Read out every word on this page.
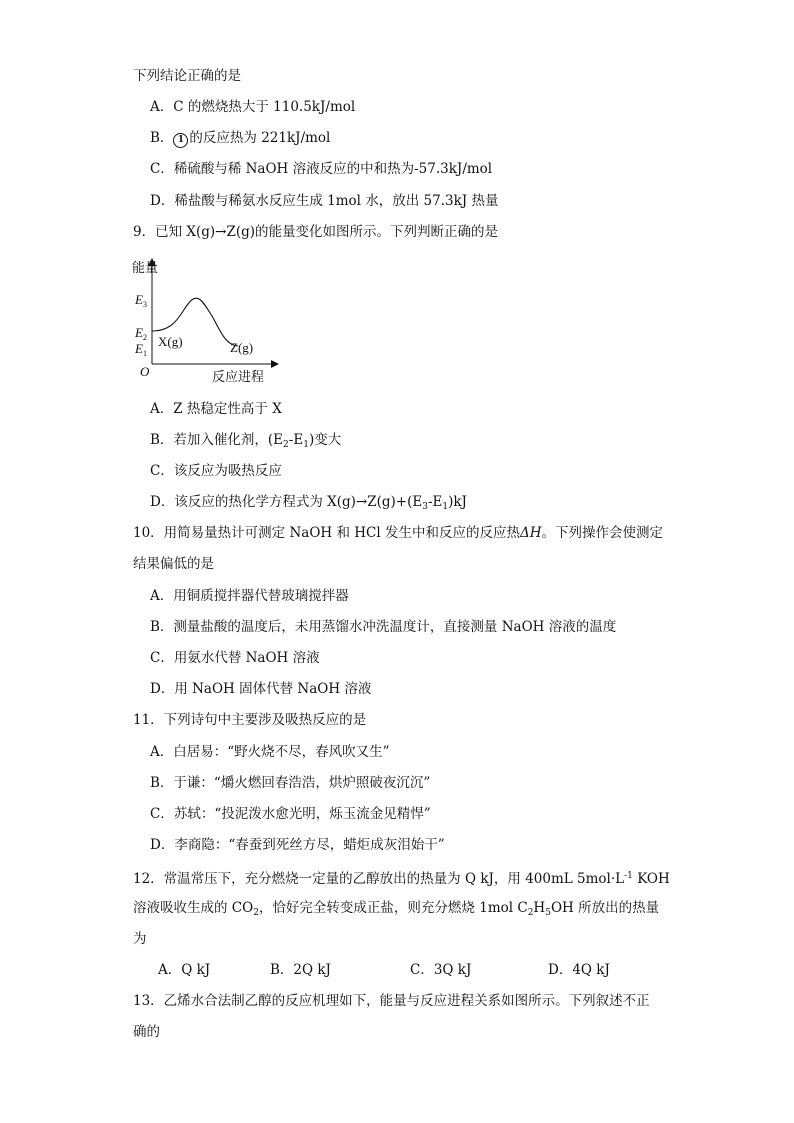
下列结论正确的是
A．C 的燃烧热大于 110.5kJ/mol
B． 1 的反应热为 221kJ/mol
C．稀硫酸与稀 NaOH 溶液反应的中和热为-57.3kJ/mol
D．稀盐酸与稀氨水反应生成 1mol 水，放出 57.3kJ 热量
9．已知 X(g)→Z(g)的能量变化如图所示。下列判断正确的是
能量
$E_3$
$E_2$
$E_1$
O
X(g)	Z(g)
反应进程
A．Z 热稳定性高于 X
B．若加入催化剂，$(E_2-E_1)$变大
C．该反应为吸热反应
D．该反应的热化学方程式为 $X(g)\to Z(g)+(E_3-E_1)kJ$
10．用简易量热计可测定 NaOH 和 HCl 发生中和反应的反应热ΔH。下列操作会使测定
结果偏低的是
A．用铜质搅拌器代替玻璃搅拌器
B．测量盐酸的温度后，未用蒸馏水冲洗温度计，直接测量 NaOH 溶液的温度
C．用氨水代替 NaOH 溶液
D．用 NaOH 固体代替 NaOH 溶液
11．下列诗句中主要涉及吸热反应的是
A．白居易：“野火烧不尽，春风吹又生”
B．于谦：“爝火燃回春浩浩，烘炉照破夜沉沉”
C．苏轼：“投泥泼水愈光明，烁玉流金见精悍”
D．李商隐：“春蚕到死丝方尽，蜡炬成灰泪始干”
12．常温常压下，充分燃烧一定量的乙醇放出的热量为 Q kJ，用 400mL $5mol\cdot L^{-1}$ KOH
溶液吸收生成的 $CO_2$，恰好完全转变成正盐，则充分燃烧 1mol $C_2H_5OH$ 所放出的热量
为
A．Q kJ	B．2Q kJ	C．3Q kJ	D．4Q kJ
13．乙烯水合法制乙醇的反应机理如下，能量与反应进程关系如图所示。下列叙述不正
确的
